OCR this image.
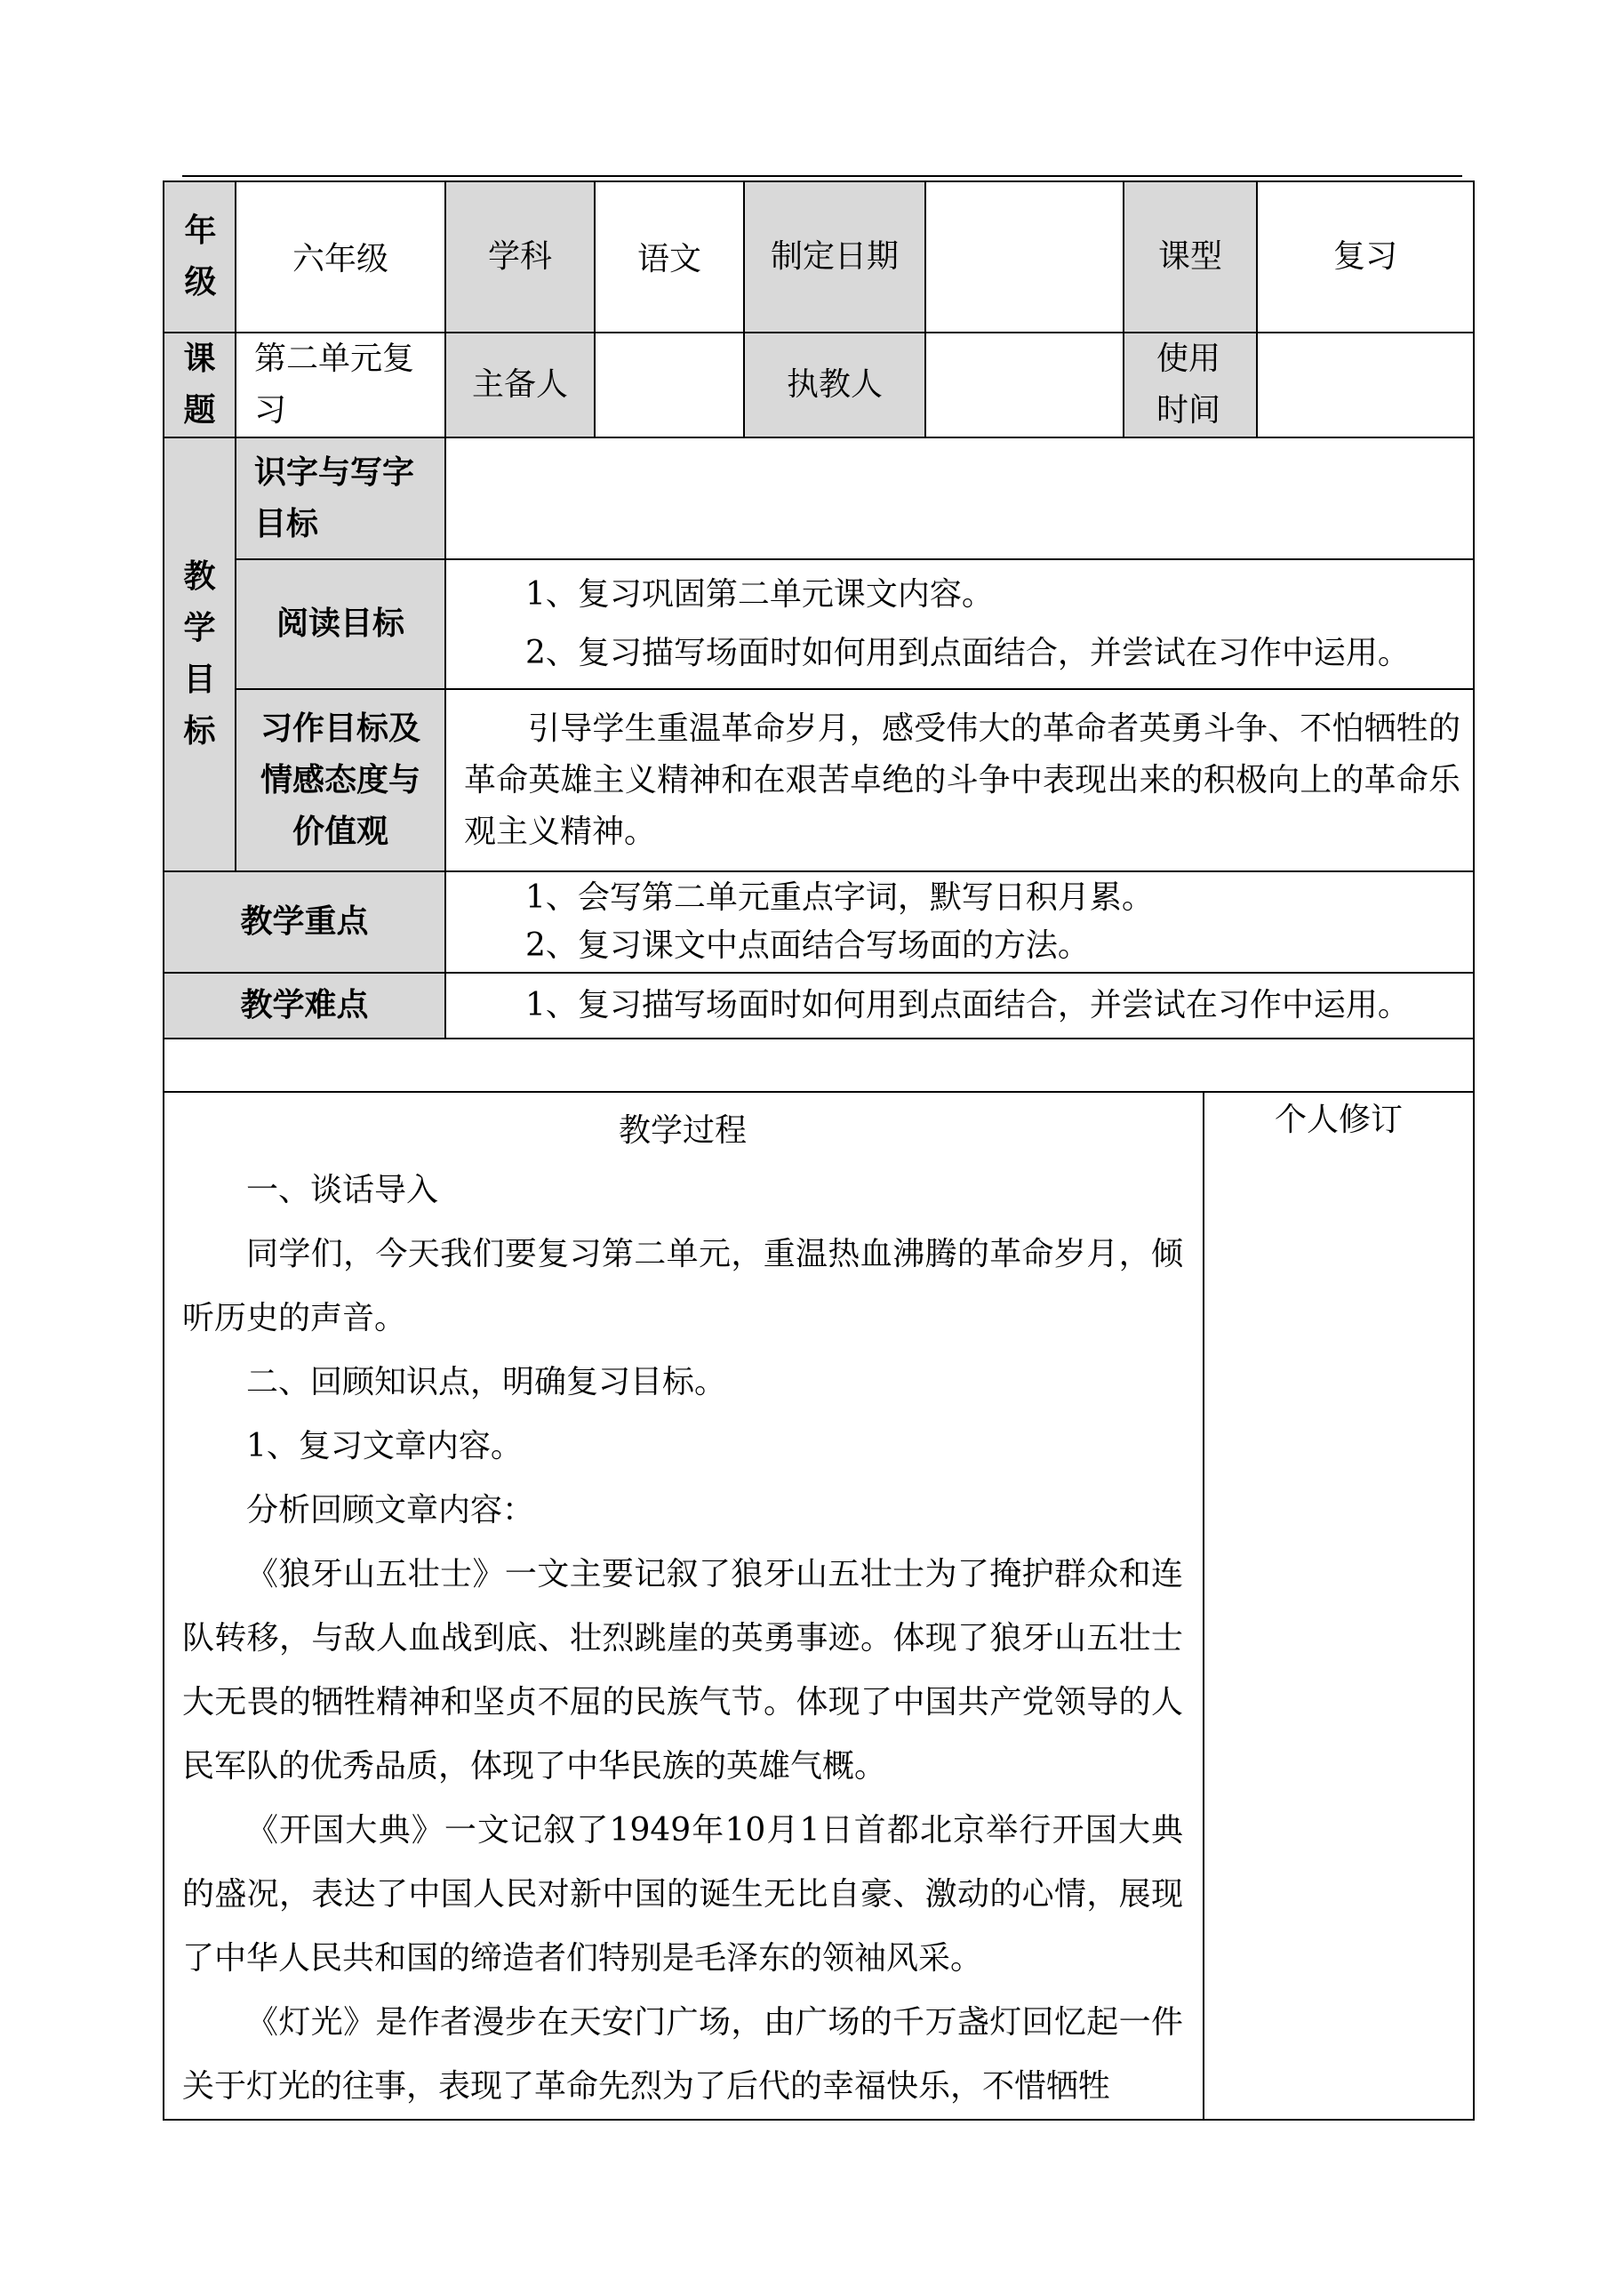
年级	六年级	学科	语文	制定日期		课型	复习

课题	第二单元复习	主备人		执教人		使用时间	

教学目标	识字与写字目标	
	阅读目标	1、复习巩固第二单元课文内容。
2、复习描写场面时如何用到点面结合，并尝试在习作中运用。

	习作目标及情感态度与价值观	引导学生重温革命岁月，感受伟大的革命者英勇斗争、不怕牺牲的革命英雄主义精神和在艰苦卓绝的斗争中表现出来的积极向上的革命乐观主义精神。
教学重点	1、会写第二单元重点字词，默写日积月累。
2、复习课文中点面结合写场面的方法。

教学难点	1、复习描写场面时如何用到点面结合，并尝试在习作中运用。

教学过程
一、谈话导入
同学们，今天我们要复习第二单元，重温热血沸腾的革命岁月，倾听历史的声音。
二、回顾知识点，明确复习目标。
1、复习文章内容。
分析回顾文章内容：
《狼牙山五壮士》一文主要记叙了狼牙山五壮士为了掩护群众和连队转移，与敌人血战到底、壮烈跳崖的英勇事迹。体现了狼牙山五壮士大无畏的牺牲精神和坚贞不屈的民族气节。体现了中国共产党领导的人民军队的优秀品质，体现了中华民族的英雄气概。
《开国大典》一文记叙了1949年10月1日首都北京举行开国大典的盛况，表达了中国人民对新中国的诞生无比自豪、激动的心情，展现了中华人民共和国的缔造者们特别是毛泽东的领袖风采。
《灯光》是作者漫步在天安门广场，由广场的千万盏灯回忆起一件关于灯光的往事，表现了革命先烈为了后代的幸福快乐，不惜牺牲

个人修订
